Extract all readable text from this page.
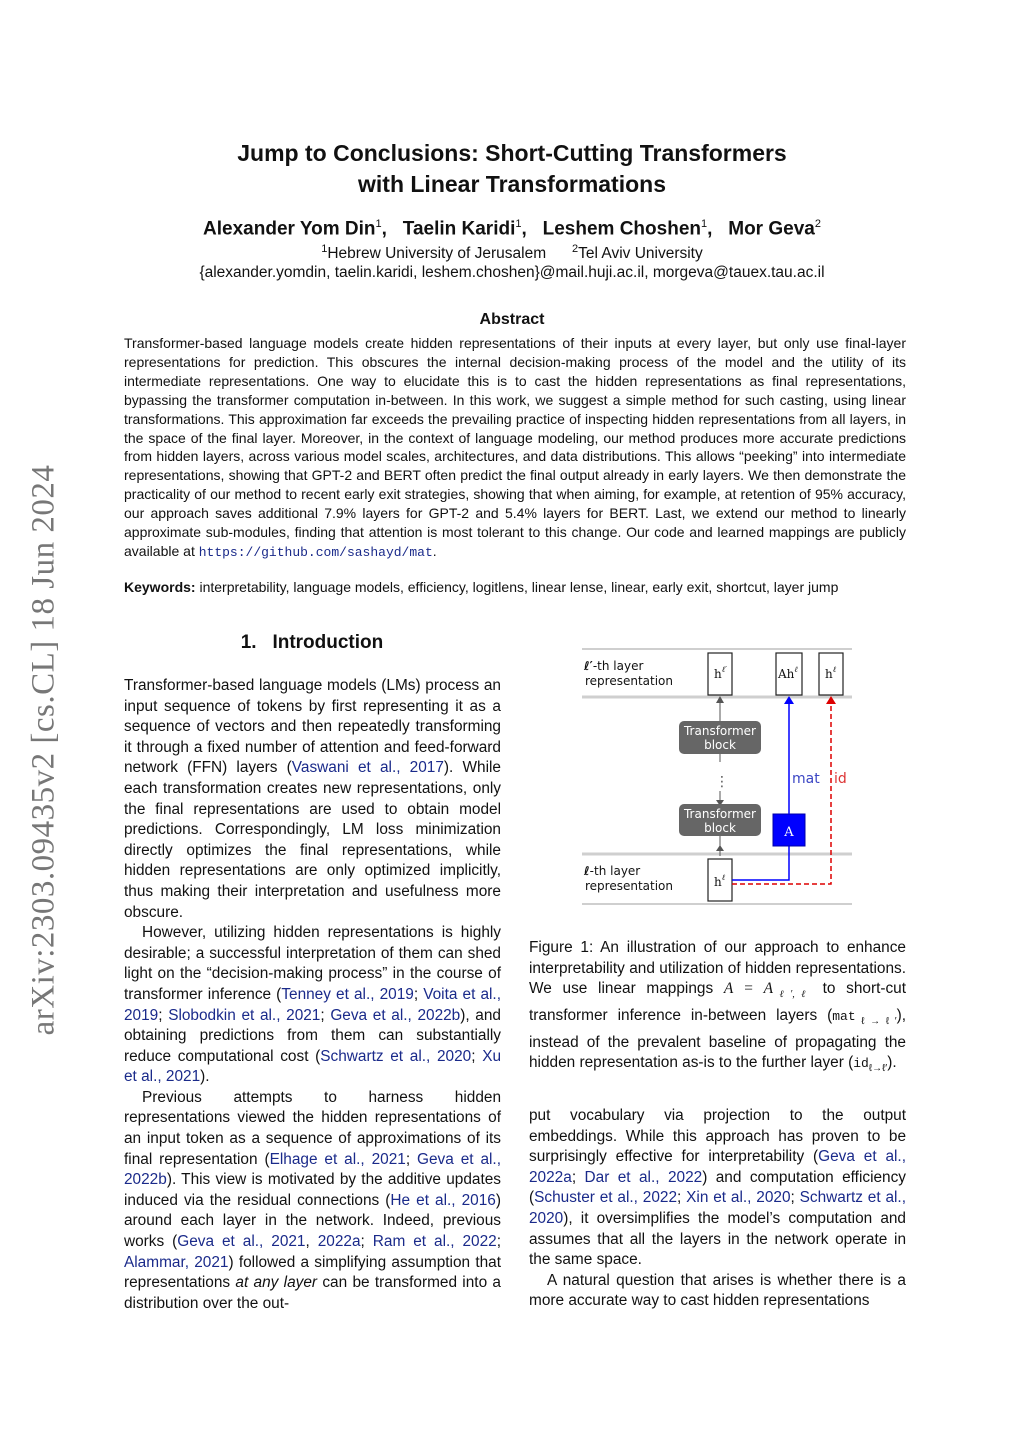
arXiv:2303.09435v2 [cs.CL] 18 Jun 2024
Jump to Conclusions: Short-Cutting Transformers
with Linear Transformations
Alexander Yom Din$^1$,   Taelin Karidi$^1$,   Leshem Choshen$^1$,   Mor Geva$^2$
$^1$Hebrew University of Jerusalem $^2$Tel Aviv University
{alexander.yomdin, taelin.karidi, leshem.choshen}@mail.huji.ac.il, morgeva@tauex.tau.ac.il
Abstract
Transformer-based language models create hidden representations of their inputs at every layer, but only use final-layer representations for prediction. This obscures the internal decision-making process of the model and the utility of its intermediate representations. One way to elucidate this is to cast the hidden representations as final representations, bypassing the transformer computation in-between. In this work, we suggest a simple method for such casting, using linear transformations. This approximation far exceeds the prevailing practice of inspecting hidden representations from all layers, in the space of the final layer. Moreover, in the context of language modeling, our method produces more accurate predictions from hidden layers, across various model scales, architectures, and data distributions. This allows “peeking” into intermediate representations, showing that GPT-2 and BERT often predict the final output already in early layers. We then demonstrate the practicality of our method to recent early exit strategies, showing that when aiming, for example, at retention of 95% accuracy, our approach saves additional 7.9% layers for GPT-2 and 5.4% layers for BERT. Last, we extend our method to linearly approximate sub-modules, finding that attention is most tolerant to this change. Our code and learned mappings are publicly available at https://github.com/sashayd/mat.
Keywords: interpretability, language models, efficiency, logitlens, linear lense, linear, early exit, shortcut, layer jump
1. Introduction

Transformer-based language models (LMs) process an input sequence of tokens by first representing it as a sequence of vectors and then repeatedly transforming it through a fixed number of attention and feed-forward network (FFN) layers (Vaswani et al., 2017). While each transformation creates new representations, only the final representations are used to obtain model predictions. Correspondingly, LM loss minimization directly optimizes the final representations, while hidden representations are only optimized implicitly, thus making their interpretation and usefulness more obscure.

However, utilizing hidden representations is highly desirable; a successful interpretation of them can shed light on the “decision-making process” in the course of transformer inference (Tenney et al., 2019; Voita et al., 2019; Slobodkin et al., 2021; Geva et al., 2022b), and obtaining predictions from them can substantially reduce computational cost (Schwartz et al., 2020; Xu et al., 2021).

Previous attempts to harness hidden representations viewed the hidden representations of an input token as a sequence of approximations of its final representation (Elhage et al., 2021; Geva et al., 2022b). This view is motivated by the additive updates induced via the residual connections (He et al., 2016) around each layer in the network. Indeed, previous works (Geva et al., 2021, 2022a; Ram et al., 2022; Alammar, 2021) followed a simplifying assumption that representations at any layer can be transformed into a distribution over the out-

ℓ′-th layer
representation	$h^\ell'$	$Ah^\ell$ $h^\ell$
⋮
Transformer
block
Transformer
block
ℓ-th layer
representation	$h^\ell$
A
mat id
Figure 1: An illustration of our approach to enhance interpretability and utilization of hidden representations. We use linear mappings $A = A_{\ell',\ell}$ to short-cut transformer inference in-between layers (mat$_{\ell\to\ell'}$), instead of the prevalent baseline of propagating the hidden representation as-is to the further layer $(id_{\ell\to\ell'})$.

put vocabulary via projection to the output embeddings. While this approach has proven to be surprisingly effective for interpretability (Geva et al., 2022a; Dar et al., 2022) and computation efficiency (Schuster et al., 2022; Xin et al., 2020; Schwartz et al., 2020), it oversimplifies the model’s computation and assumes that all the layers in the network operate in the same space.

A natural question that arises is whether there is a more accurate way to cast hidden representations
